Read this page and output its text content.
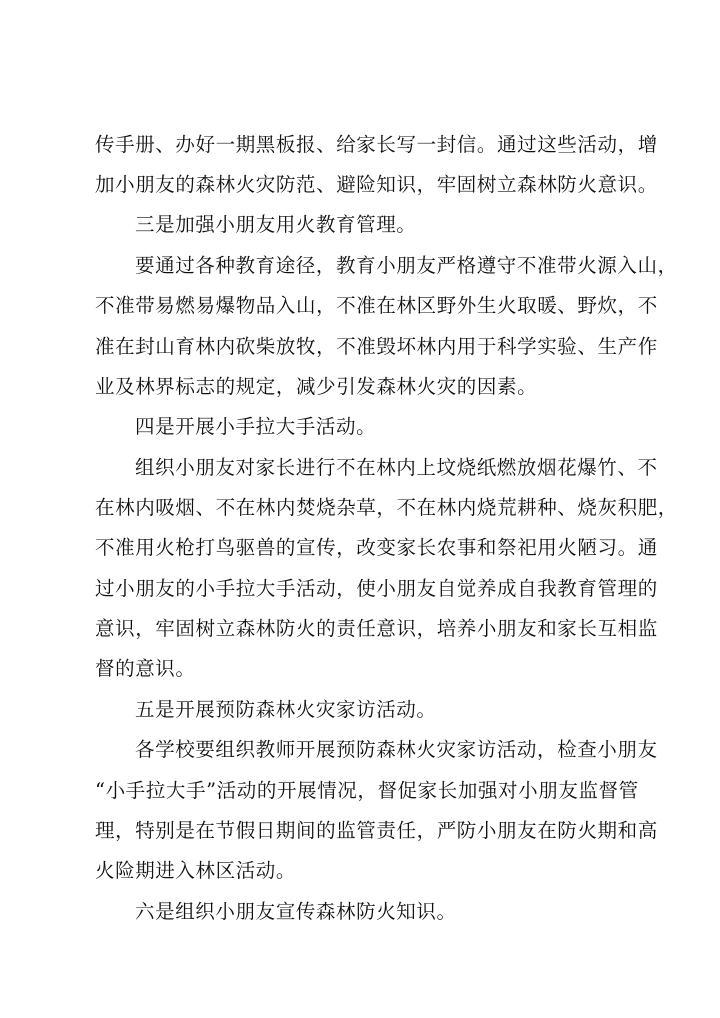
传手册、办好一期黑板报、给家长写一封信。通过这些活动，增
加小朋友的森林火灾防范、避险知识，牢固树立森林防火意识。
三是加强小朋友用火教育管理。
要通过各种教育途径，教育小朋友严格遵守不准带火源入山，
不准带易燃易爆物品入山，不准在林区野外生火取暖、野炊，不
准在封山育林内砍柴放牧，不准毁坏林内用于科学实验、生产作
业及林界标志的规定，减少引发森林火灾的因素。
四是开展小手拉大手活动。
组织小朋友对家长进行不在林内上坟烧纸燃放烟花爆竹、不
在林内吸烟、不在林内焚烧杂草，不在林内烧荒耕种、烧灰积肥，
不准用火枪打鸟驱兽的宣传，改变家长农事和祭祀用火陋习。通
过小朋友的小手拉大手活动，使小朋友自觉养成自我教育管理的
意识，牢固树立森林防火的责任意识，培养小朋友和家长互相监
督的意识。
五是开展预防森林火灾家访活动。
各学校要组织教师开展预防森林火灾家访活动，检查小朋友
“小手拉大手”活动的开展情况，督促家长加强对小朋友监督管
理，特别是在节假日期间的监管责任，严防小朋友在防火期和高
火险期进入林区活动。
六是组织小朋友宣传森林防火知识。
